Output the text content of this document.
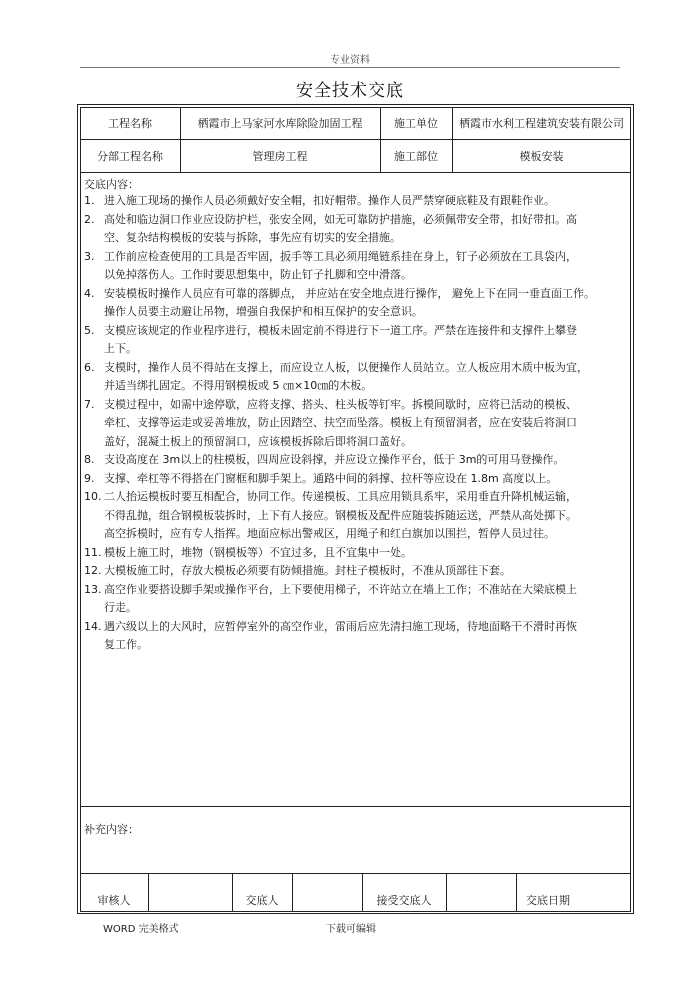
专业资料
安全技术交底
工程名称	栖霞市上马家河水库除险加固工程	施工单位	栖霞市水利工程建筑安装有限公司
分部工程名称	管理房工程	施工部位	模板安装
交底内容：
1. 进入施工现场的操作人员必须戴好安全帽，扣好帽带。操作人员严禁穿硬底鞋及有跟鞋作业。
2. 高处和临边洞口作业应设防护栏，张安全网，如无可靠防护措施，必须佩带安全带，扣好带扣。高
空、复杂结构模板的安装与拆除，事先应有切实的安全措施。
3. 工作前应检查使用的工具是否牢固，扳手等工具必须用绳链系挂在身上，钉子必须放在工具袋内，
以免掉落伤人。工作时要思想集中，防止钉子扎脚和空中滑落。
4. 安装模板时操作人员应有可靠的落脚点， 并应站在安全地点进行操作， 避免上下在同一垂直面工作。
操作人员要主动避让吊物，增强自我保护和相互保护的安全意识。
5. 支模应该规定的作业程序进行，模板未固定前不得进行下一道工序。严禁在连接件和支撑件上攀登
上下。
6. 支模时，操作人员不得站在支撑上，而应设立人板，以便操作人员站立。立人板应用木质中板为宜，
并适当绑扎固定。不得用钢模板或 5 ㎝×10㎝的木板。
7. 支模过程中，如需中途停歇，应将支撑、搭头、柱头板等钉牢。拆模间歇时，应将已活动的模板、
牵杠、支撑等运走或妥善堆放，防止因踏空、扶空而坠落。模板上有预留洞者，应在安装后将洞口
盖好，混凝土板上的预留洞口，应该模板拆除后即将洞口盖好。
8. 支设高度在 3m以上的柱模板，四周应设斜撑，并应设立操作平台，低于 3m的可用马登操作。
9. 支撑、牵杠等不得搭在门窗框和脚手架上。通路中间的斜撑、拉杆等应设在 1.8m 高度以上。
10. 二人抬运模板时要互相配合，协同工作。传递模板、工具应用锁具系牢，采用垂直升降机械运输，
不得乱抛，组合钢模板装拆时，上下有人接应。钢模板及配件应随装拆随运送，严禁从高处掷下。
高空拆模时，应有专人指挥。地面应标出警戒区，用绳子和红白旗加以围拦，暂停人员过往。
11. 模板上施工时，堆物（钢模板等）不宜过多，且不宜集中一处。
12. 大模板施工时，存放大模板必须要有防倾措施。封柱子模板时，不准从顶部往下套。
13. 高空作业要搭设脚手架或操作平台，上下要使用梯子，不许站立在墙上工作；不准站在大梁底模上
行走。
14. 遇六级以上的大风时，应暂停室外的高空作业，雷雨后应先清扫施工现场，待地面略干不滑时再恢
复工作。
补充内容：
审核人	交底人	接受交底人	交底日期
WORD 完美格式	下载可编辑
